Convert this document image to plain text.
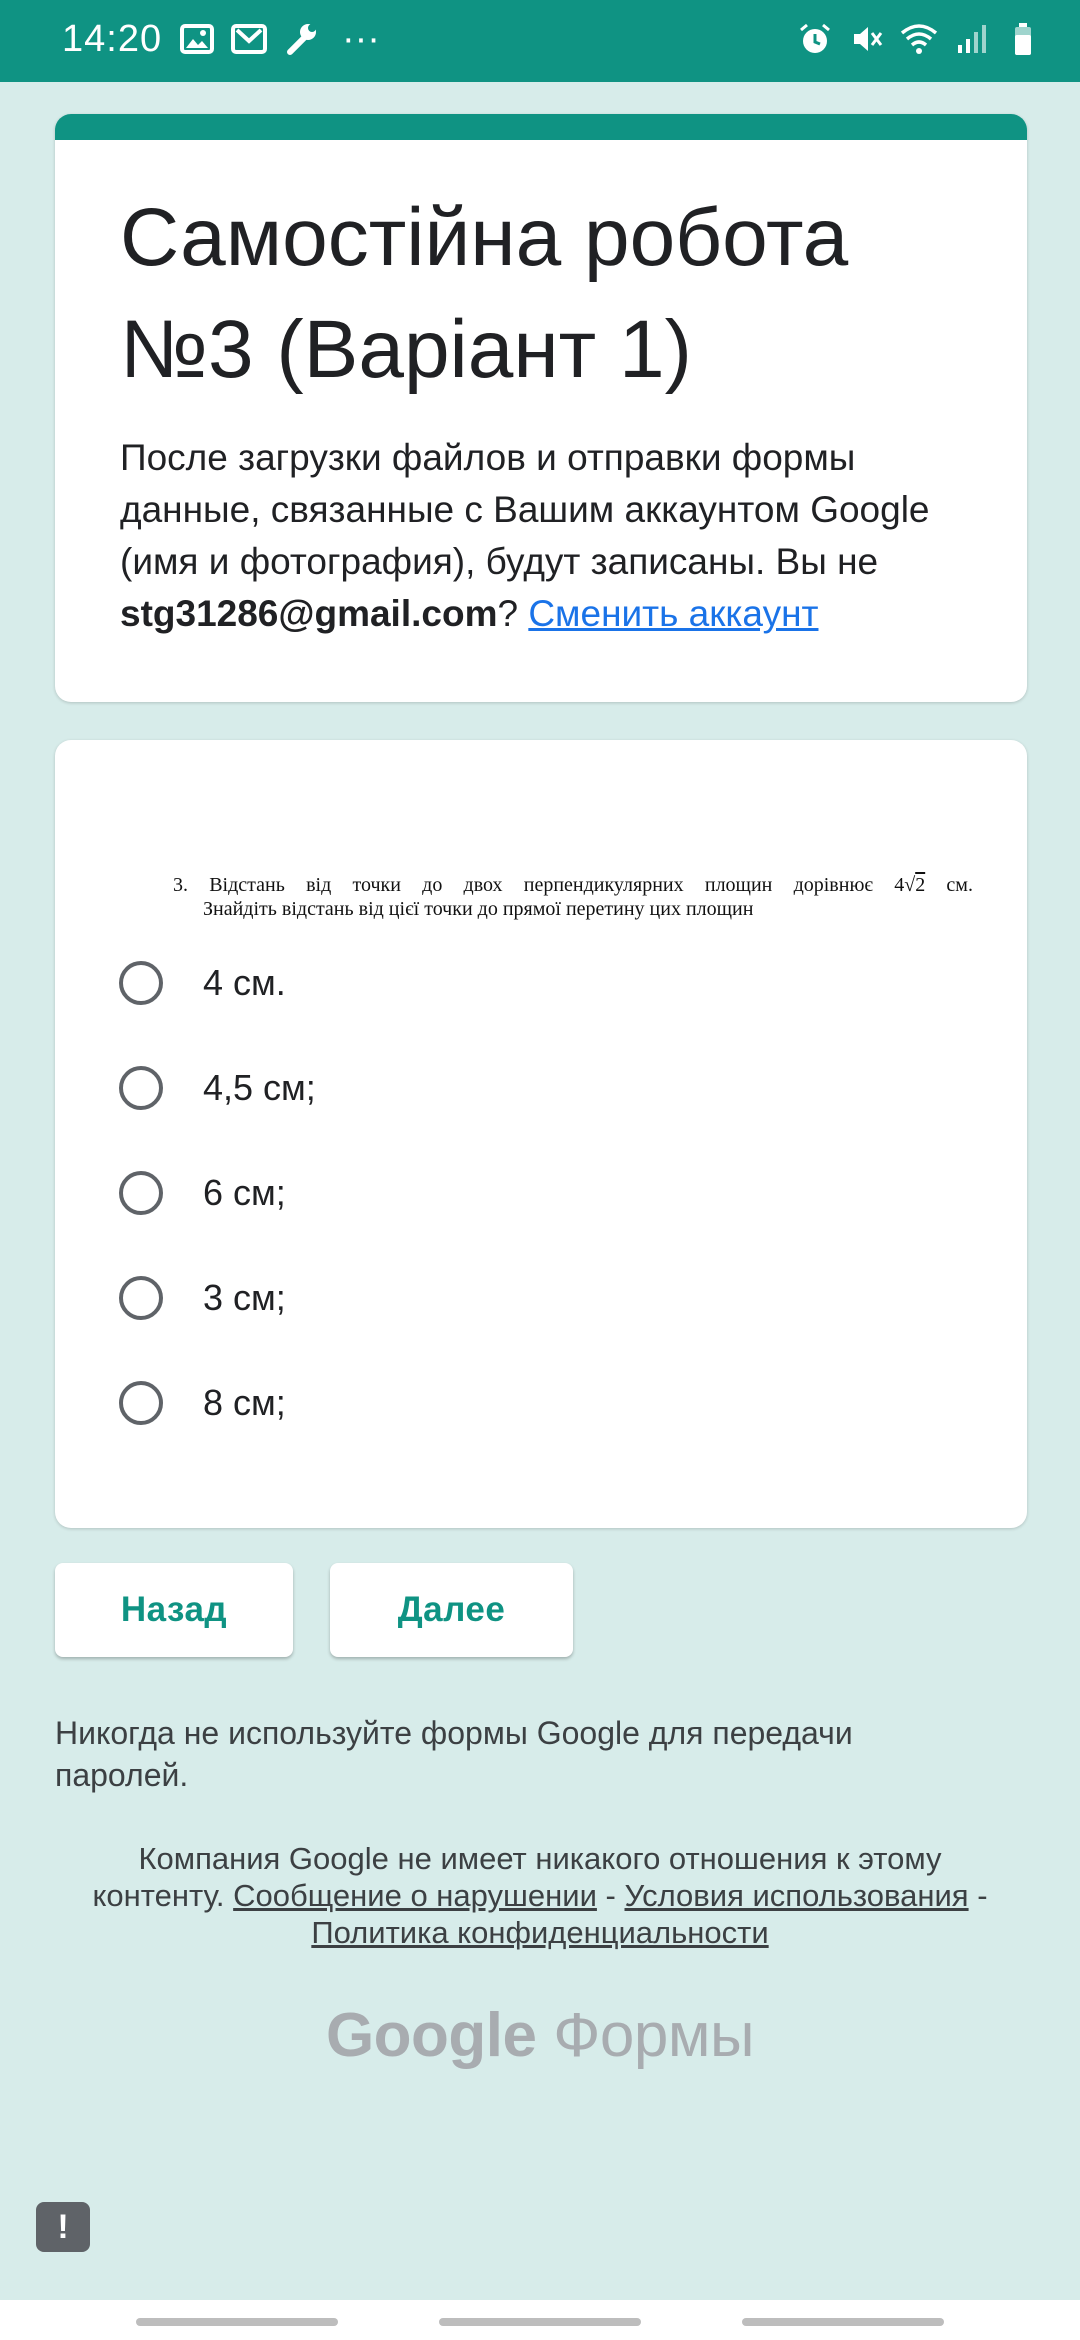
14:20	···
Самостійна робота №3 (Варіант 1)
После загрузки файлов и отправки формы данные, связанные с Вашим аккаунтом Google (имя и фотография), будут записаны. Вы не stg31286@gmail.com? Сменить аккаунт
3. Відстань від точки до двох перпендикулярних площин дорівнює 4√2 см.
Знайдіть відстань від цієї точки до прямої перетину цих площин
4 см.
4,5 см;
6 см;
3 см;
8 см;
Назад	Далее
Никогда не используйте формы Google для передачи паролей.
Компания Google не имеет никакого отношения к этому контенту. Сообщение о нарушении - Условия использования - Политика конфиденциальности
Google Формы
!
